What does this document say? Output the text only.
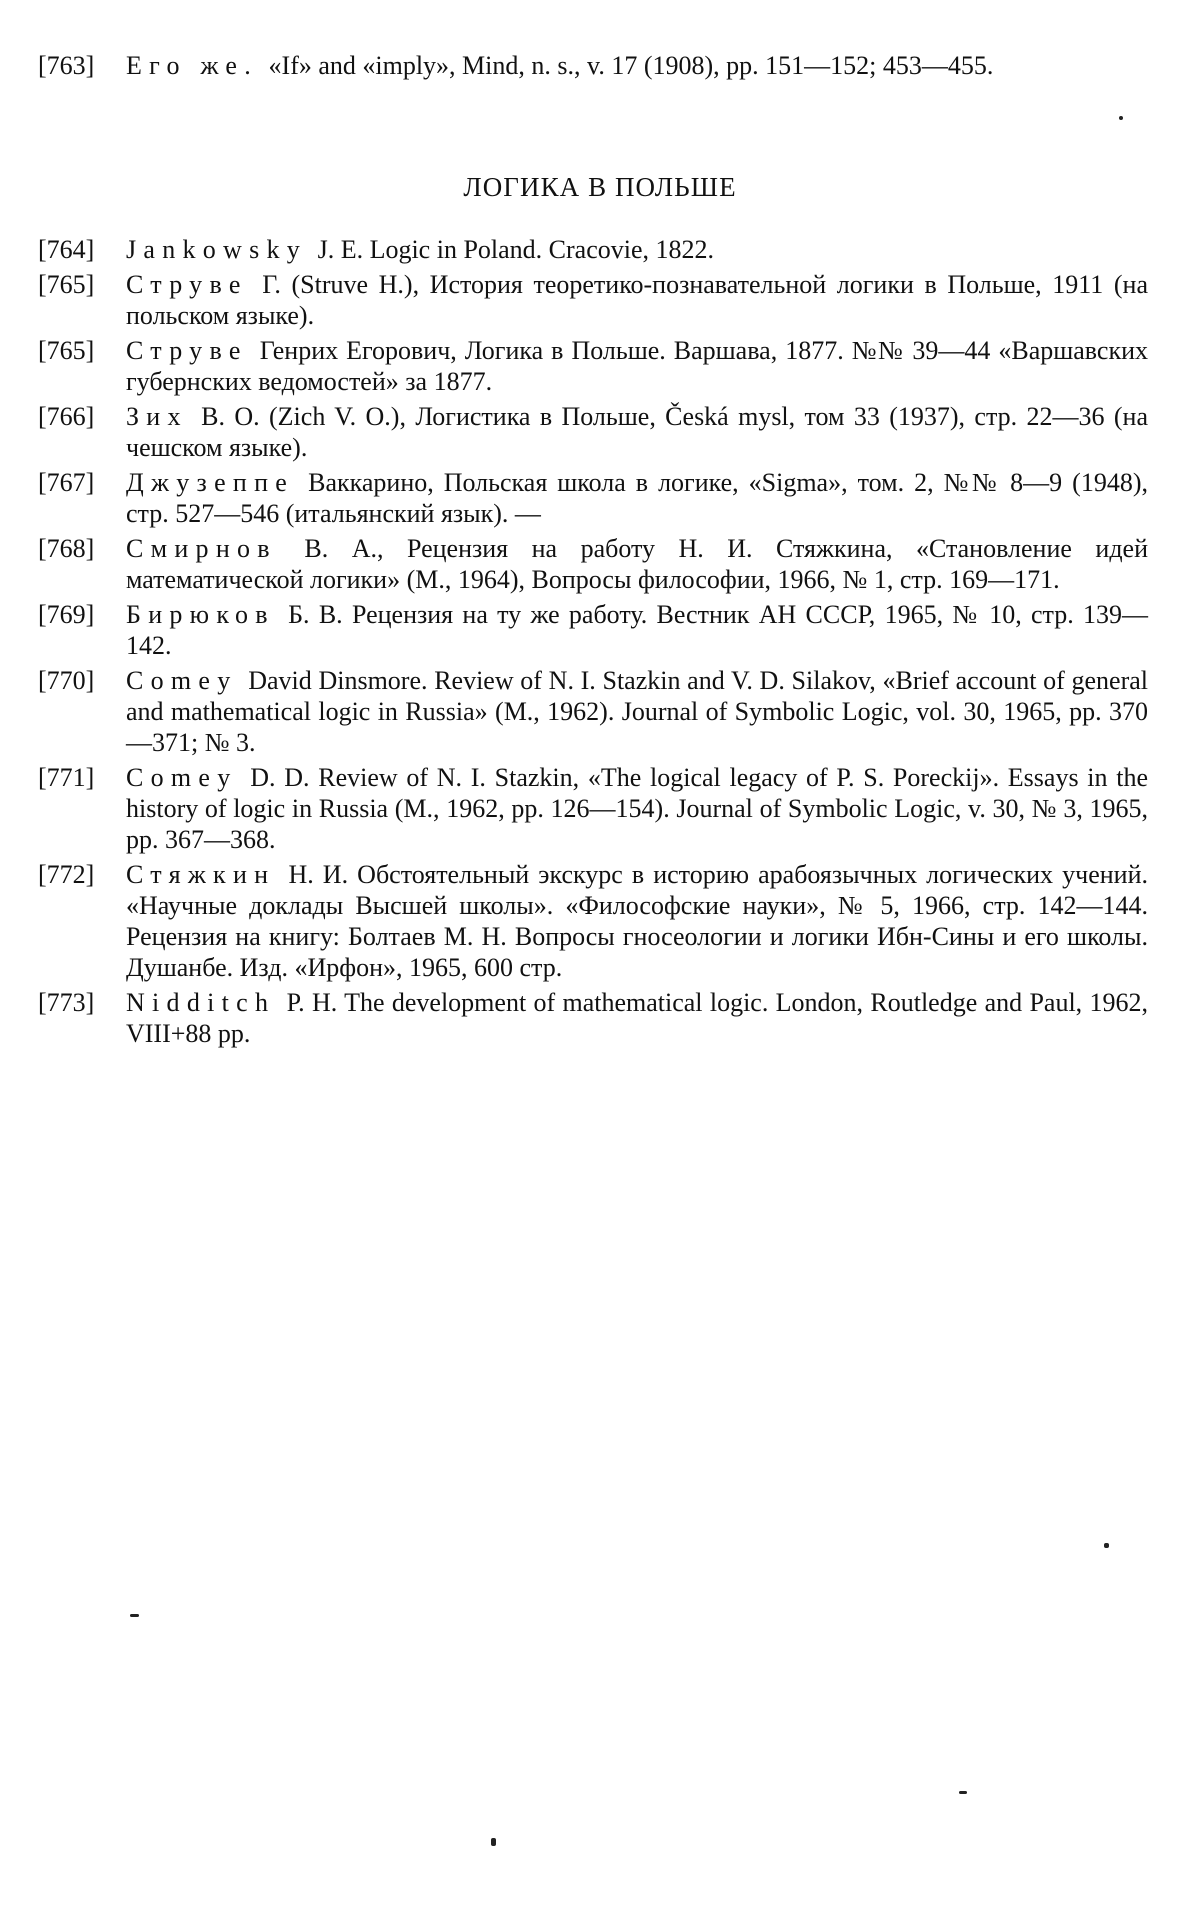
[763]	Его же. «If» and «imply», Mind, n. s., v. 17 (1908), pp. 151—152; 453—455.

ЛОГИКА В ПОЛЬШЕ
[764]	Jankowsky J. E. Logic in Poland. Cracovie, 1822.

[765]	Струве Г. (Struve H.), История теоретико-познавательной логики в Польше, 1911 (на польском языке).

[765]	Струве Генрих Егорович, Логика в Польше. Варшава, 1877. №№ 39—44 «Варшавских губернских ведомостей» за 1877.

[766]	Зих В. О. (Zich V. O.), Логистика в Польше, Česká mysl, том 33 (1937), стр. 22—36 (на чешском языке).

[767]	Джузеппе Ваккарино, Польская школа в логике, «Sigma», том. 2, №№ 8—9 (1948), стр. 527—546 (итальянский язык). —

[768]	Смирнов В. А., Рецензия на работу Н. И. Стяжкина, «Становление идей математической логики» (М., 1964), Вопросы философии, 1966, № 1, стр. 169—171.

[769]	Бирюков Б. В. Рецензия на ту же работу. Вестник АН СССР, 1965, № 10, стр. 139—142.

[770]	Comey David Dinsmore. Review of N. I. Stazkin and V. D. Silakov, «Brief account of general and mathematical logic in Russia» (M., 1962). Journal of Symbolic Logic, vol. 30, 1965, pp. 370—371; № 3.

[771]	Comey D. D. Review of N. I. Stazkin, «The logical legacy of P. S. Poreckij». Essays in the history of logic in Russia (M., 1962, pp. 126—154). Journal of Symbolic Logic, v. 30, № 3, 1965, pp. 367—368.

[772]	Стяжкин Н. И. Обстоятельный экскурс в историю арабоязычных логических учений. «Научные доклады Высшей школы». «Философские науки», № 5, 1966, стр. 142—144. Рецензия на книгу: Болтаев М. Н. Вопросы гносеологии и логики Ибн-Сины и его школы. Душанбе. Изд. «Ирфон», 1965, 600 стр.

[773]	Nidditch P. H. The development of mathematical logic. London, Routledge and Paul, 1962, VIII+88 pp.
